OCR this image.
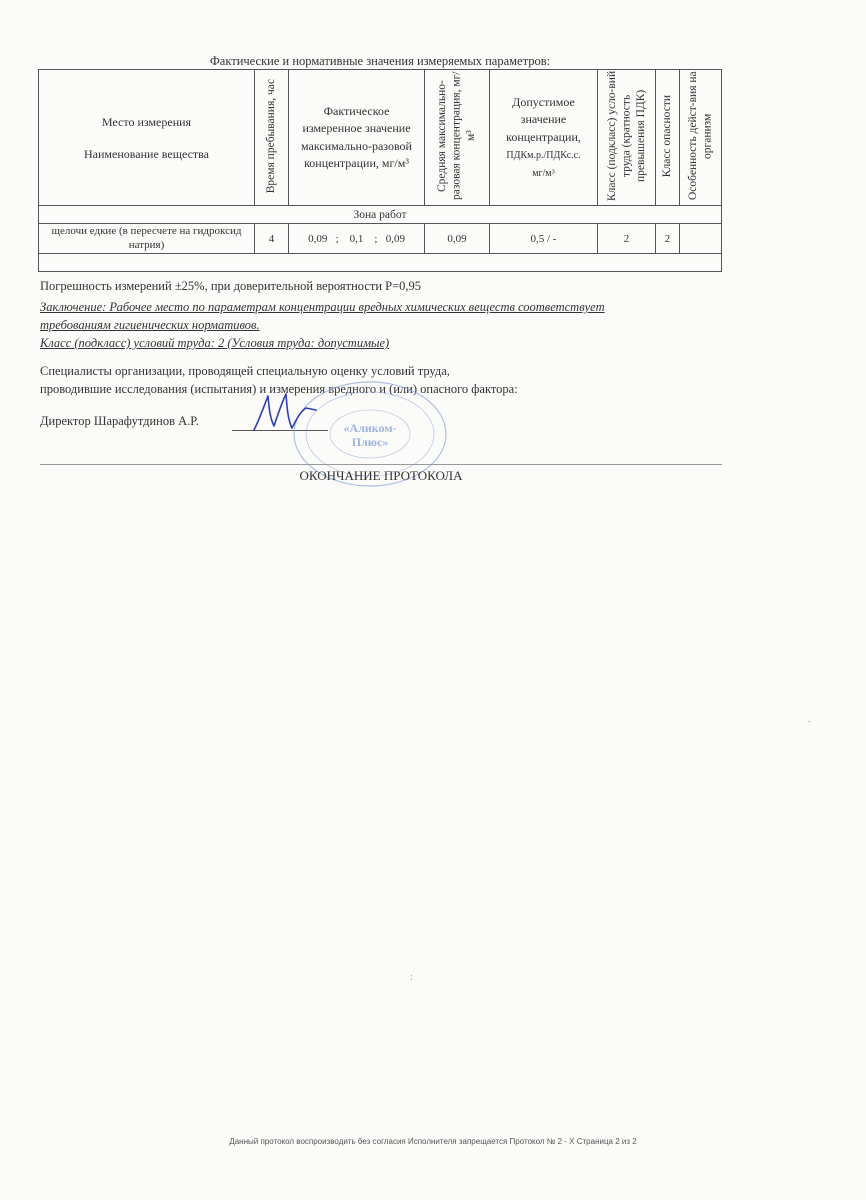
Фактические и нормативные значения измеряемых параметров:
Место измерения
Наименование вещества	Время пребывания, час	Фактическое
измеренное значение
максимально-разовой
концентрации, мг/м³	Средняя максимально-разовая концентрация, мг/м³	Допустимое
значение
концентрации,
ПДКм.р./ПДКс.с.
мг/м³	Класс (подкласс) усло-вий труда (кратность превышения ПДК)	Класс опасности	Особенность дейст-вия на организм
Зона работ							
щелочи едкие (в пересчете на гидроксид натрия)	4	0,09 ; 0,1 ; 0,09	0,09	0,5 / -	2	2	

Погрешность измерений ±25%, при доверительной вероятности Р=0,95
Заключение: Рабочее место по параметрам концентрации вредных химических веществ соответствует
требованиям гигиенических нормативов.
Класс (подкласс) условий труда: 2 (Условия труда: допустимые)
Специалисты организации, проводящей специальную оценку условий труда,
проводившие исследования (испытания) и измерения вредного и (или) опасного фактора:
Директор Шарафутдинов А.Р.	«Аликом-
Плюс»
ОКОНЧАНИЕ ПРОТОКОЛА
.
:
Данный протокол воспроизводить без согласия Исполнителя запрещается Протокол № 2 - Х Страница 2 из 2
